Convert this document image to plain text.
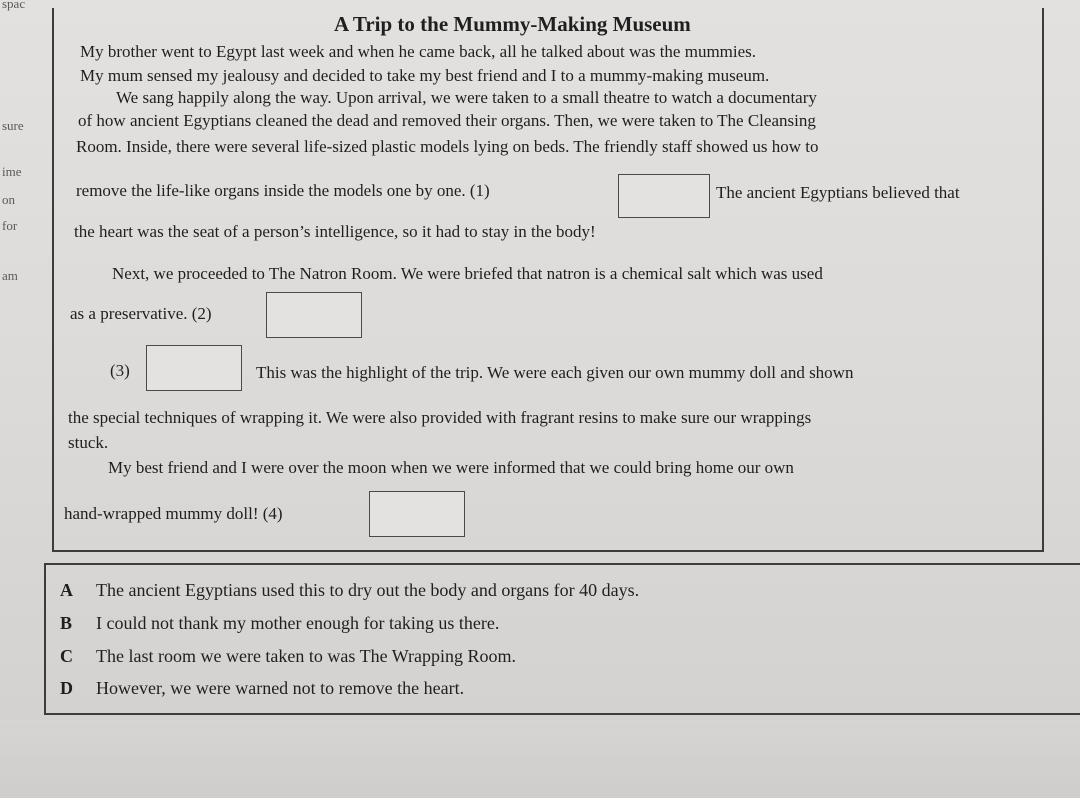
spac
sure
ime
on
for
am
A Trip to the Mummy-Making Museum
My brother went to Egypt last week and when he came back, all he talked about was the mummies.
My mum sensed my jealousy and decided to take my best friend and I to a mummy-making museum.
We sang happily along the way. Upon arrival, we were taken to a small theatre to watch a documentary
of how ancient Egyptians cleaned the dead and removed their organs. Then, we were taken to The Cleansing
Room. Inside, there were several life-sized plastic models lying on beds. The friendly staff showed us how to
remove the life-like organs inside the models one by one. (1)	The ancient Egyptians believed that
the heart was the seat of a person’s intelligence, so it had to stay in the body!
Next, we proceeded to The Natron Room. We were briefed that natron is a chemical salt which was used
as a preservative. (2)
(3)	This was the highlight of the trip. We were each given our own mummy doll and shown
the special techniques of wrapping it. We were also provided with fragrant resins to make sure our wrappings
stuck.
My best friend and I were over the moon when we were informed that we could bring home our own
hand-wrapped mummy doll! (4)
A The ancient Egyptians used this to dry out the body and organs for 40 days.
B I could not thank my mother enough for taking us there.
C The last room we were taken to was The Wrapping Room.
D However, we were warned not to remove the heart.
